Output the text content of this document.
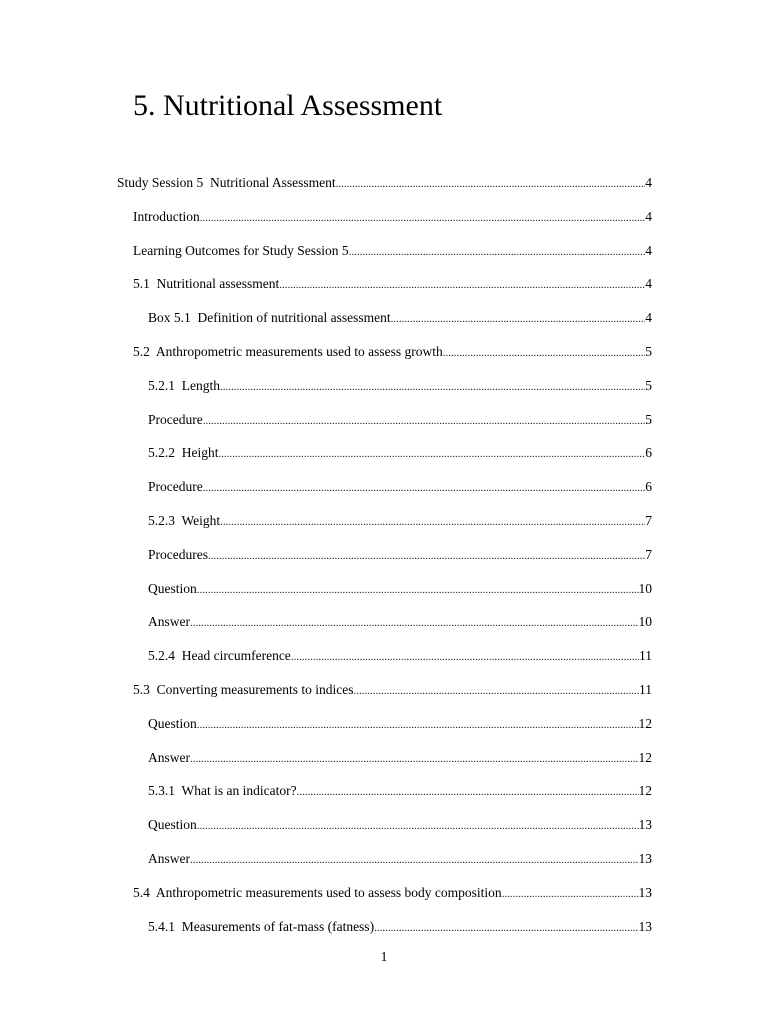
5. Nutritional Assessment
Study Session 5  Nutritional Assessment .....	4
Introduction .....	4
Learning Outcomes for Study Session 5 .....	4
5.1  Nutritional assessment .....	4
Box 5.1  Definition of nutritional assessment .....	4
5.2  Anthropometric measurements used to assess growth .....	5
5.2.1  Length .....	5
Procedure .....	5
5.2.2  Height .....	6
Procedure .....	6
5.2.3  Weight .....	7
Procedures .....	7
Question .....	10
Answer .....	10
5.2.4  Head circumference .....	11
5.3  Converting measurements to indices .....	11
Question .....	12
Answer .....	12
5.3.1  What is an indicator? .....	12
Question .....	13
Answer .....	13
5.4  Anthropometric measurements used to assess body composition .....	13
5.4.1  Measurements of fat-mass (fatness) .....	13
1
